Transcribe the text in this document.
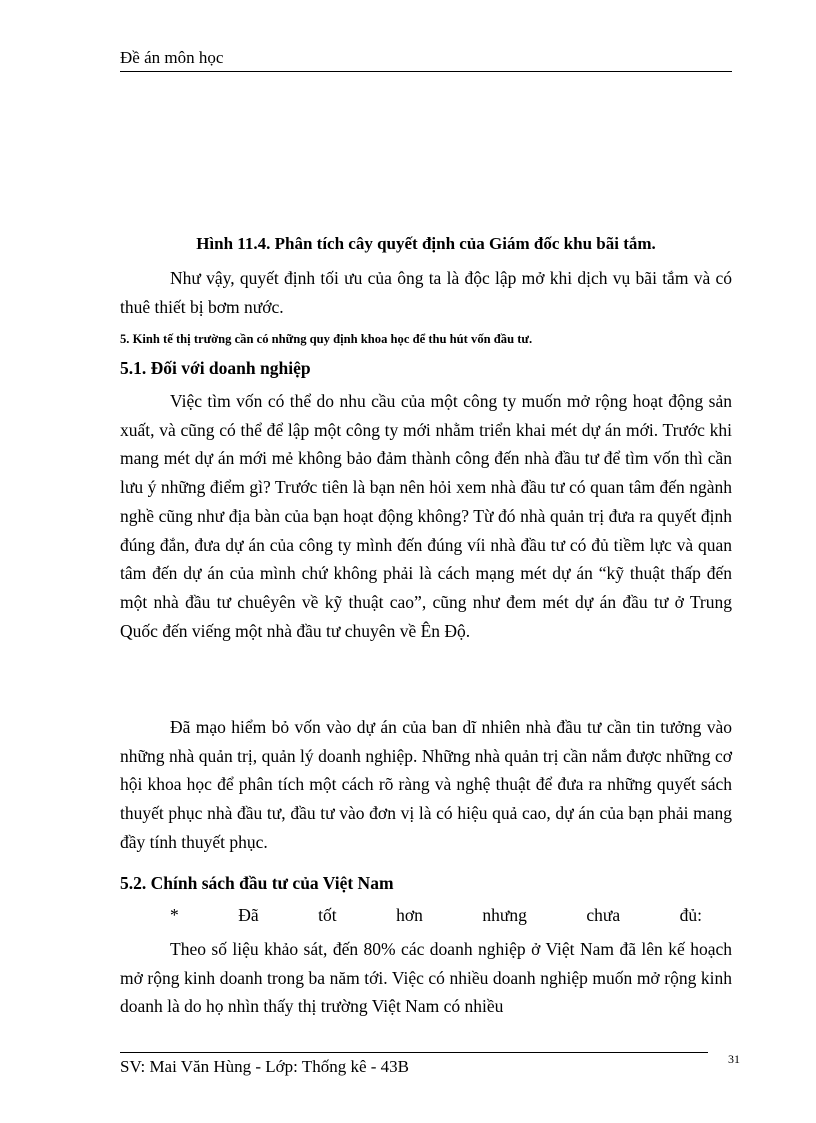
Đề án môn học
Hình 11.4. Phân tích cây quyết định của Giám đốc khu bãi tắm.

Như vậy, quyết định tối ưu của ông ta là độc lập mở khi dịch vụ bãi tắm và có thuê thiết bị bơm nước.

5. Kinh tế thị trường cần có những quy định khoa học để thu hút vốn đầu tư.
5.1. Đối với doanh nghiệp

Việc tìm vốn có thể do nhu cầu của một công ty muốn mở rộng hoạt động sản xuất, và cũng có thể để lập một công ty mới nhằm triển khai mét dự án mới. Trước khi mang mét dự án mới mẻ không bảo đảm thành công đến nhà đầu tư để tìm vốn thì cần lưu ý những điểm gì? Trước tiên là bạn nên hỏi xem nhà đầu tư có quan tâm đến ngành nghề cũng như địa bàn của bạn hoạt động không? Từ đó nhà quản trị đưa ra quyết định đúng đắn, đưa dự án của công ty mình đến đúng víi nhà đầu tư có đủ tiềm lực và quan tâm đến dự án của mình chứ không phải là cách mạng mét dự án “kỹ thuật thấp đến một nhà đầu tư chuêyên về kỹ thuật cao”, cũng như đem mét dự án đầu tư ở Trung Quốc đến viếng một nhà đầu tư chuyên về Ên Độ.

Đã mạo hiểm bỏ vốn vào dự án của ban dĩ nhiên nhà đầu tư cần tin tưởng vào những nhà quản trị, quản lý doanh nghiệp. Những nhà quản trị cần nắm được những cơ hội khoa học để phân tích một cách rõ ràng và nghệ thuật để đưa ra những quyết sách thuyết phục nhà đầu tư, đầu tư vào đơn vị là có hiệu quả cao, dự án của bạn phải mang đầy tính thuyết phục.

5.2. Chính sách đầu tư của Việt Nam
*	Đã	tốt	hơn	nhưng	chưa	đủ:

Theo số liệu khảo sát, đến 80% các doanh nghiệp ở Việt Nam đã lên kế hoạch mở rộng kinh doanh trong ba năm tới. Việc có nhiều doanh nghiệp muốn mở rộng kinh doanh là do họ nhìn thấy thị trường Việt Nam có nhiều

SV: Mai Văn Hùng - Lớp: Thống kê - 43B	31
